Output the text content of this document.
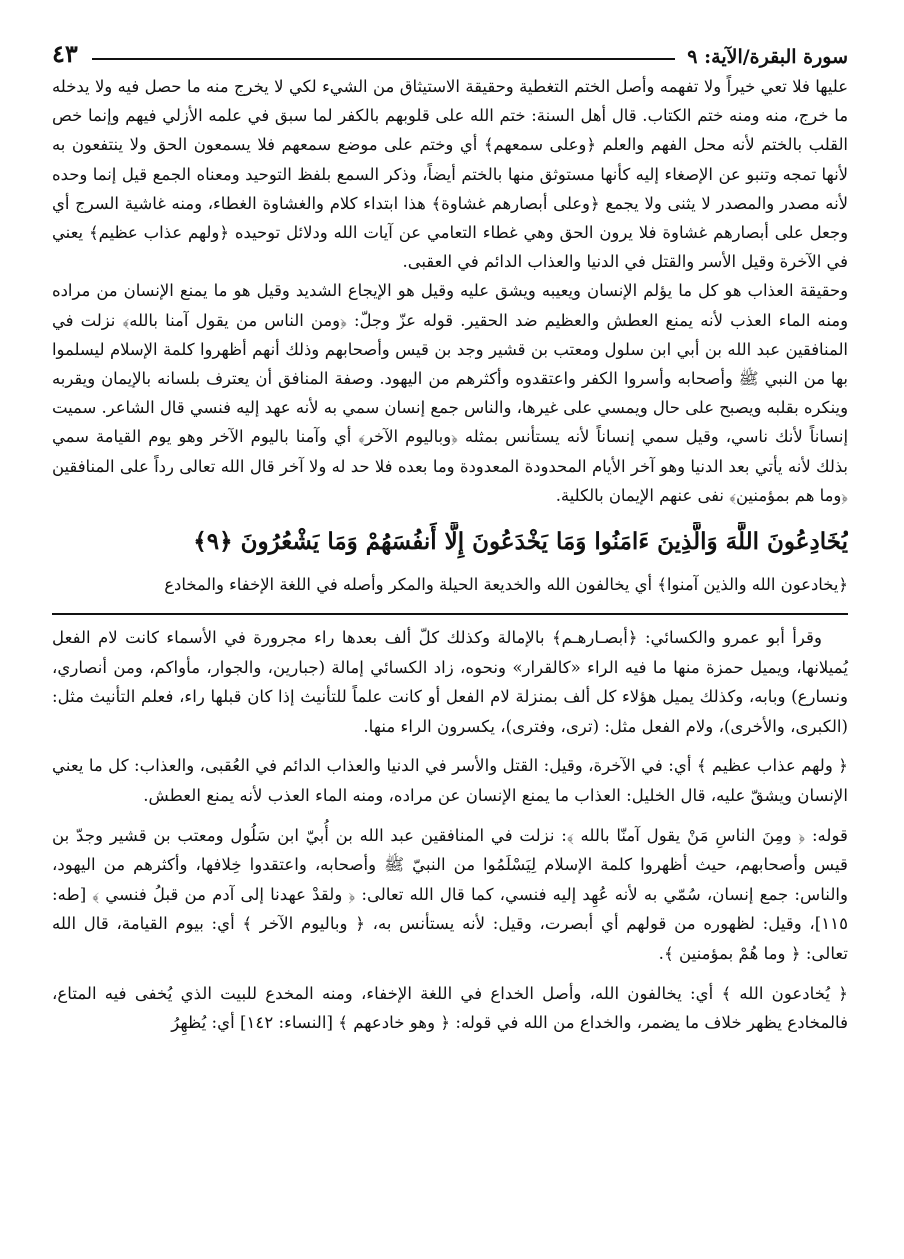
سورة البقرة/الآية: ٩
٤٣

عليها فلا تعي خيراً ولا تفهمه وأصل الختم التغطية وحقيقة الاستيثاق من الشيء لكي لا يخرج منه ما حصل فيه ولا يدخله ما خرج، منه ومنه ختم الكتاب. قال أهل السنة: ختم الله على قلوبهم بالكفر لما سبق في علمه الأزلي فيهم وإنما خص القلب بالختم لأنه محل الفهم والعلم ﴿وعلى سمعهم﴾ أي وختم على موضع سمعهم فلا يسمعون الحق ولا ينتفعون به لأنها تمجه وتنبو عن الإصغاء إليه كأنها مستوثق منها بالختم أيضاً، وذكر السمع بلفظ التوحيد ومعناه الجمع قيل إنما وحده لأنه مصدر والمصدر لا يثنى ولا يجمع ﴿وعلى أبصارهم غشاوة﴾ هذا ابتداء كلام والغشاوة الغطاء، ومنه غاشية السرج أي وجعل على أبصارهم غشاوة فلا يرون الحق وهي غطاء التعامي عن آيات الله ودلائل توحيده ﴿ولهم عذاب عظيم﴾ يعني في الآخرة وقيل الأسر والقتل في الدنيا والعذاب الدائم في العقبى.

وحقيقة العذاب هو كل ما يؤلم الإنسان ويعيبه ويشق عليه وقيل هو الإيجاع الشديد وقيل هو ما يمنع الإنسان من مراده ومنه الماء العذب لأنه يمنع العطش والعظيم ضد الحقير. قوله عزّ وجلّ: ﴿ومن الناس من يقول آمنا بالله﴾ نزلت في المنافقين عبد الله بن أبي ابن سلول ومعتب بن قشير وجد بن قيس وأصحابهم وذلك أنهم أظهروا كلمة الإسلام ليسلموا بها من النبي ﷺ وأصحابه وأسروا الكفر واعتقدوه وأكثرهم من اليهود. وصفة المنافق أن يعترف بلسانه بالإيمان ويقربه وينكره بقلبه ويصبح على حال ويمسي على غيرها، والناس جمع إنسان سمي به لأنه عهد إليه فنسي قال الشاعر. سميت إنساناً لأنك ناسي، وقيل سمي إنساناً لأنه يستأنس بمثله ﴿وباليوم الآخر﴾ أي وآمنا باليوم الآخر وهو يوم القيامة سمي بذلك لأنه يأتي بعد الدنيا وهو آخر الأيام المحدودة المعدودة وما بعده فلا حد له ولا آخر قال الله تعالى رداً على المنافقين ﴿وما هم بمؤمنين﴾ نفى عنهم الإيمان بالكلية.

يُخَادِعُونَ اللَّهَ وَالَّذِينَ ءَامَنُوا وَمَا يَخْدَعُونَ إِلَّا أَنفُسَهُمْ وَمَا يَشْعُرُونَ ﴿٩﴾
﴿يخادعون الله والذين آمنوا﴾ أي يخالفون الله والخديعة الحيلة والمكر وأصله في اللغة الإخفاء والمخادع

وقرأ أبو عمرو والكسائي: ﴿أبصـارهـم﴾ بالإمالة وكذلك كلّ ألف بعدها راء مجرورة في الأسماء كانت لام الفعل يُميلانها، ويميل حمزة منها ما فيه الراء «كالقرار» ونحوه، زاد الكسائي إمالة (جبارين، والجوار، مأواكم، ومن أنصاري، ونسارع) وبابه، وكذلك يميل هؤلاء كل ألف بمنزلة لام الفعل أو كانت علماً للتأنيث إذا كان قبلها راء، فعلم التأنيث مثل: (الكبرى، والأخرى)، ولام الفعل مثل: (ترى، وفترى)، يكسرون الراء منها.

﴿ ولهم عذاب عظيم ﴾ أي: في الآخرة، وقيل: القتل والأسر في الدنيا والعذاب الدائم في العُقبى، والعذاب: كل ما يعني الإنسان ويشقّ عليه، قال الخليل: العذاب ما يمنع الإنسان عن مراده، ومنه الماء العذب لأنه يمنع العطش.

قوله: ﴿ ومِنَ الناسِ مَنْ يقول آمنّا بالله ﴾: نزلت في المنافقين عبد الله بن أُبيّ ابن سَلُول ومعتب بن قشير وجدّ بن قيس وأصحابهم، حيث أظهروا كلمة الإسلام لِيَسْلَمُوا من النبيّ ﷺ وأصحابه، واعتقدوا خِلافها، وأكثرهم من اليهود، والناس: جمع إنسان، سُمّي به لأنه عُهِد إليه فنسي، كما قال الله تعالى: ﴿ ولقدْ عهدنا إلى آدم من قبلُ فنسي ﴾ [طه: ١١٥]، وقيل: لظهوره من قولهم أي أبصرت، وقيل: لأنه يستأنس به، ﴿ وباليوم الآخر ﴾ أي: بيوم القيامة، قال الله تعالى: ﴿ وما هُمْ بمؤمنين ﴾.

﴿ يُخادعون الله ﴾ أي: يخالفون الله، وأصل الخداع في اللغة الإخفاء، ومنه المخدع للبيت الذي يُخفى فيه المتاع، فالمخادع يظهر خلاف ما يضمر، والخداع من الله في قوله: ﴿ وهو خادعهم ﴾ [النساء: ١٤٢] أي: يُظهِرُ
